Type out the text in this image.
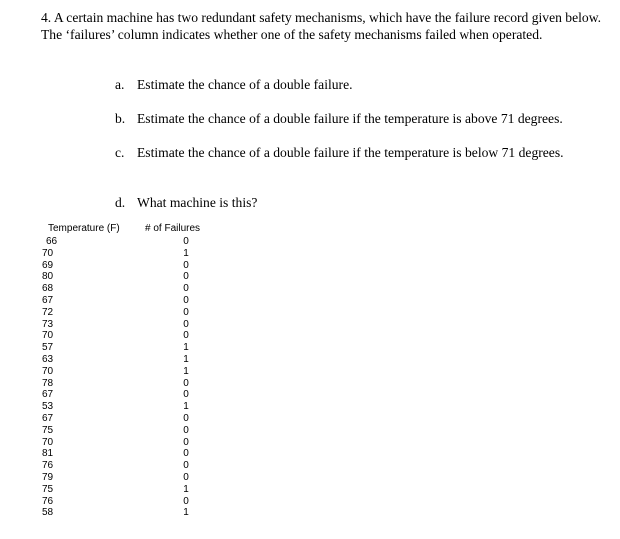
4. A certain machine has two redundant safety mechanisms, which have the failure record given below. The ‘failures’ column indicates whether one of the safety mechanisms failed when operated.
a. Estimate the chance of a double failure.
b. Estimate the chance of a double failure if the temperature is above 71 degrees.
c. Estimate the chance of a double failure if the temperature is below 71 degrees.
d. What machine is this?
Temperature (F)	# of Failures
66
70
69
80
68
67
72
73
70
57
63
70
78
67
53
67
75
70
81
76
79
75
76
58
0
1
0
0
0
0
0
0
0
1
1
1
0
0
1
0
0
0
0
0
0
1
0
1
